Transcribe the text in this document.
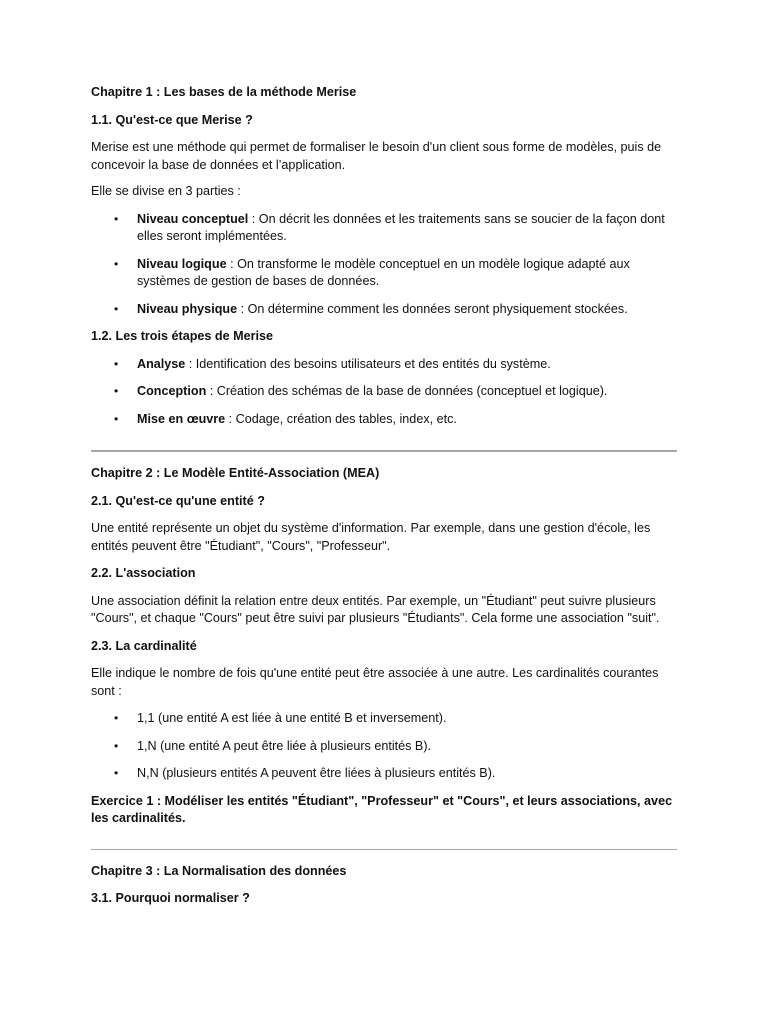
Chapitre 1 : Les bases de la méthode Merise

1.1. Qu'est-ce que Merise ?

Merise est une méthode qui permet de formaliser le besoin d'un client sous forme de modèles, puis de concevoir la base de données et l’application.

Elle se divise en 3 parties :

• Niveau conceptuel : On décrit les données et les traitements sans se soucier de la façon dont elles seront implémentées.
• Niveau logique : On transforme le modèle conceptuel en un modèle logique adapté aux systèmes de gestion de bases de données.
• Niveau physique : On détermine comment les données seront physiquement stockées.

1.2. Les trois étapes de Merise

• Analyse : Identification des besoins utilisateurs et des entités du système.
• Conception : Création des schémas de la base de données (conceptuel et logique).
• Mise en œuvre : Codage, création des tables, index, etc.

Chapitre 2 : Le Modèle Entité-Association (MEA)

2.1. Qu'est-ce qu'une entité ?

Une entité représente un objet du système d'information. Par exemple, dans une gestion d'école, les entités peuvent être "Étudiant", "Cours", "Professeur".

2.2. L'association

Une association définit la relation entre deux entités. Par exemple, un "Étudiant" peut suivre plusieurs "Cours", et chaque "Cours" peut être suivi par plusieurs "Étudiants". Cela forme une association "suit".

2.3. La cardinalité

Elle indique le nombre de fois qu'une entité peut être associée à une autre. Les cardinalités courantes sont :

• 1,1 (une entité A est liée à une entité B et inversement).
• 1,N (une entité A peut être liée à plusieurs entités B).
• N,N (plusieurs entités A peuvent être liées à plusieurs entités B).

Exercice 1 : Modéliser les entités "Étudiant", "Professeur" et "Cours", et leurs associations, avec les cardinalités.

Chapitre 3 : La Normalisation des données

3.1. Pourquoi normaliser ?
